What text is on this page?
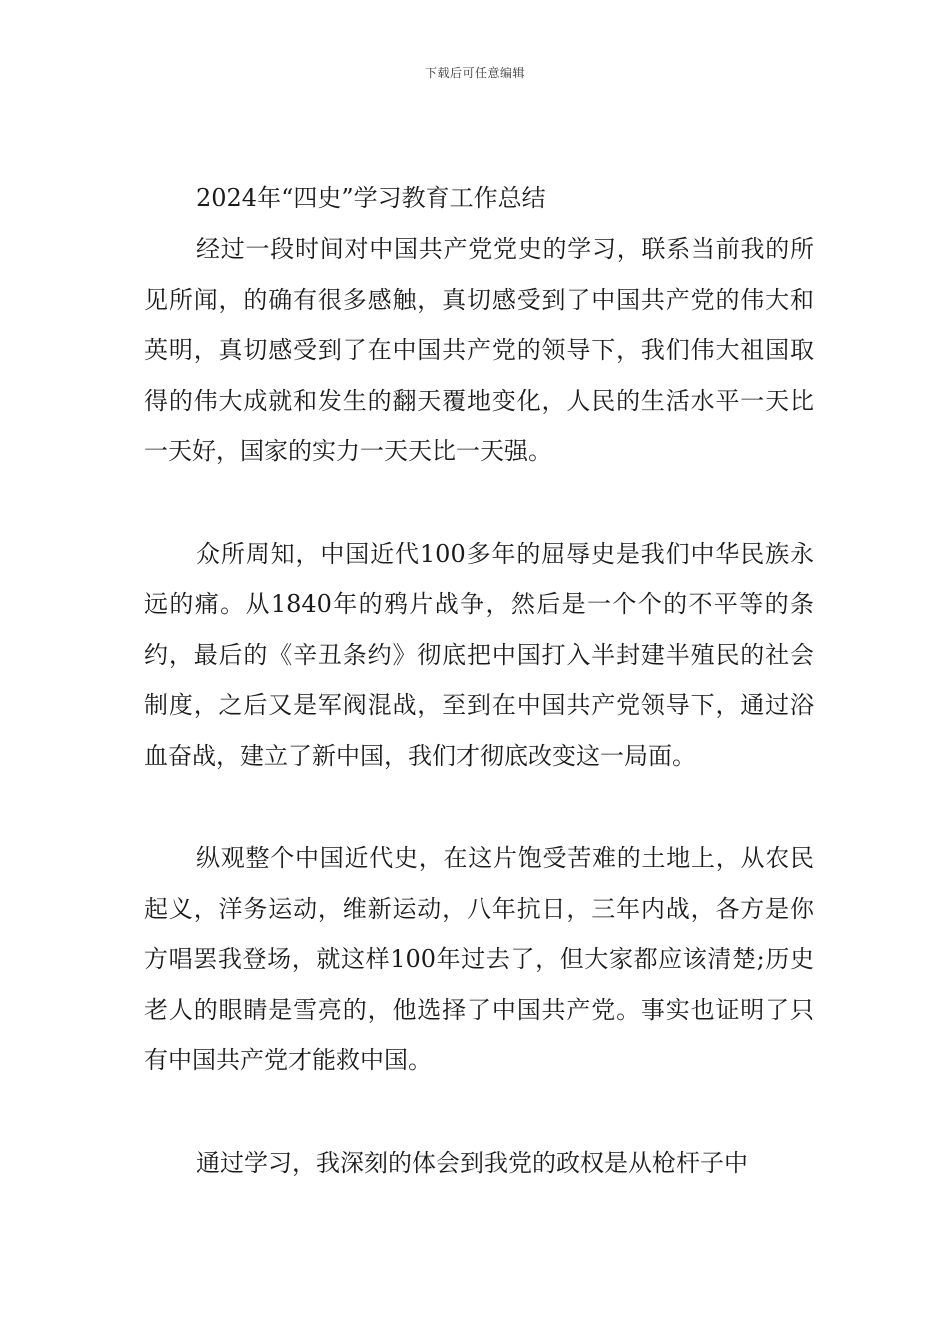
下载后可任意编辑

2024年“四史”学习教育工作总结

经过一段时间对中国共产党党史的学习，联系当前我的所见所闻，的确有很多感触，真切感受到了中国共产党的伟大和英明，真切感受到了在中国共产党的领导下，我们伟大祖国取得的伟大成就和发生的翻天覆地变化，人民的生活水平一天比一天好，国家的实力一天天比一天强。

众所周知，中国近代100多年的屈辱史是我们中华民族永远的痛。从1840年的鸦片战争，然后是一个个的不平等的条约，最后的《辛丑条约》彻底把中国打入半封建半殖民的社会制度，之后又是军阀混战，至到在中国共产党领导下，通过浴血奋战，建立了新中国，我们才彻底改变这一局面。

纵观整个中国近代史，在这片饱受苦难的土地上，从农民起义，洋务运动，维新运动，八年抗日，三年内战，各方是你方唱罢我登场，就这样100年过去了，但大家都应该清楚;历史老人的眼睛是雪亮的，他选择了中国共产党。事实也证明了只有中国共产党才能救中国。

通过学习，我深刻的体会到我党的政权是从枪杆子中
